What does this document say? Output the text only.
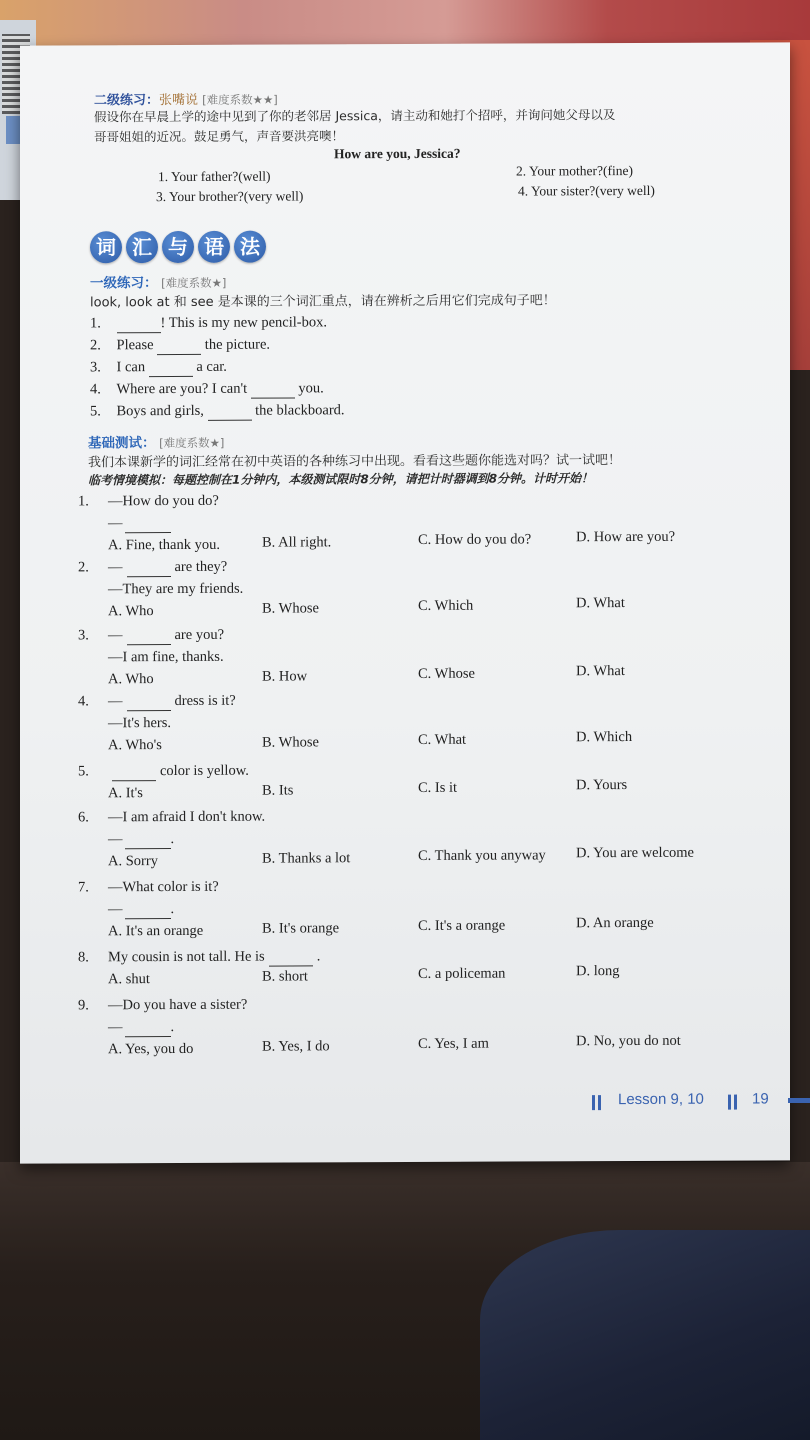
二级练习：张嘴说 [难度系数★★]
假设你在早晨上学的途中见到了你的老邻居 Jessica，请主动和她打个招呼，并询问她父母以及
哥哥姐姐的近况。鼓足勇气，声音要洪亮噢！
How are you, Jessica?
1. Your father?(well)	2. Your mother?(fine)
3. Your brother?(very well)	4. Your sister?(very well)
词 汇 与 语 法
一级练习： [难度系数★]
look, look at 和 see 是本课的三个词汇重点，请在辨析之后用它们完成句子吧！
1.	! This is my new pencil-box.
2. Please	the picture.
3. I can	a car.
4. Where are you? I can't	you.
5. Boys and girls,	the blackboard.
基础测试： [难度系数★]
我们本课新学的词汇经常在初中英语的各种练习中出现。看看这些题你能选对吗？试一试吧！
临考情境模拟：每题控制在1分钟内，本级测试限时8分钟，请把计时器调到8分钟。计时开始！
1. —How do you do?
—
A. Fine, thank you.	B. All right.	C. How do you do?	D. How are you?
2. —	are they?
—They are my friends.
A. Who	B. Whose	C. Which	D. What
3. —	are you?
—I am fine, thanks.
A. Who	B. How	C. Whose	D. What
4. —	dress is it?
—It's hers.
A. Who's	B. Whose	C. What	D. Which
5.	color is yellow.
A. It's	B. Its	C. Is it	D. Yours
6. —I am afraid I don't know.
—	.
A. Sorry	B. Thanks a lot	C. Thank you anyway D. You are welcome
7. —What color is it?
—	.
A. It's an orange	B. It's orange	C. It's a orange	D. An orange
8. My cousin is not tall. He is	.
A. shut	B. short	C. a policeman	D. long
9. —Do you have a sister?
—	.
A. Yes, you do	B. Yes, I do	C. Yes, I am	D. No, you do not
Lesson 9, 10	19
